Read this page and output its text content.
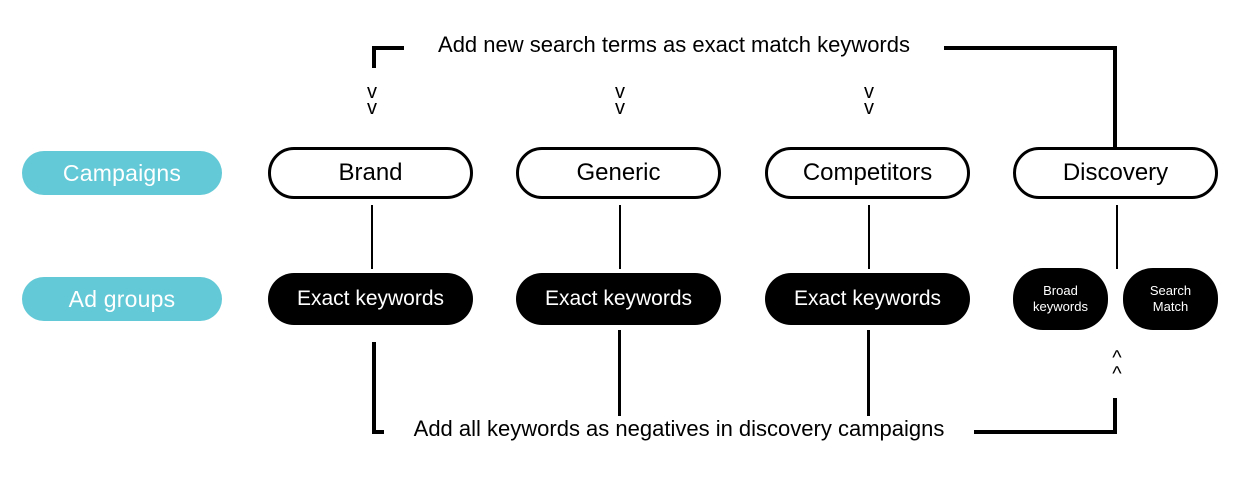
Campaigns
Ad groups
Add new search terms as exact match keywords
v
v
v
v
v
v
Brand	Generic	Competitors	Discovery
Exact keywords	Exact keywords	Exact keywords	Broad
keywords
Search
Match
^
^
Add all keywords as negatives in discovery campaigns
